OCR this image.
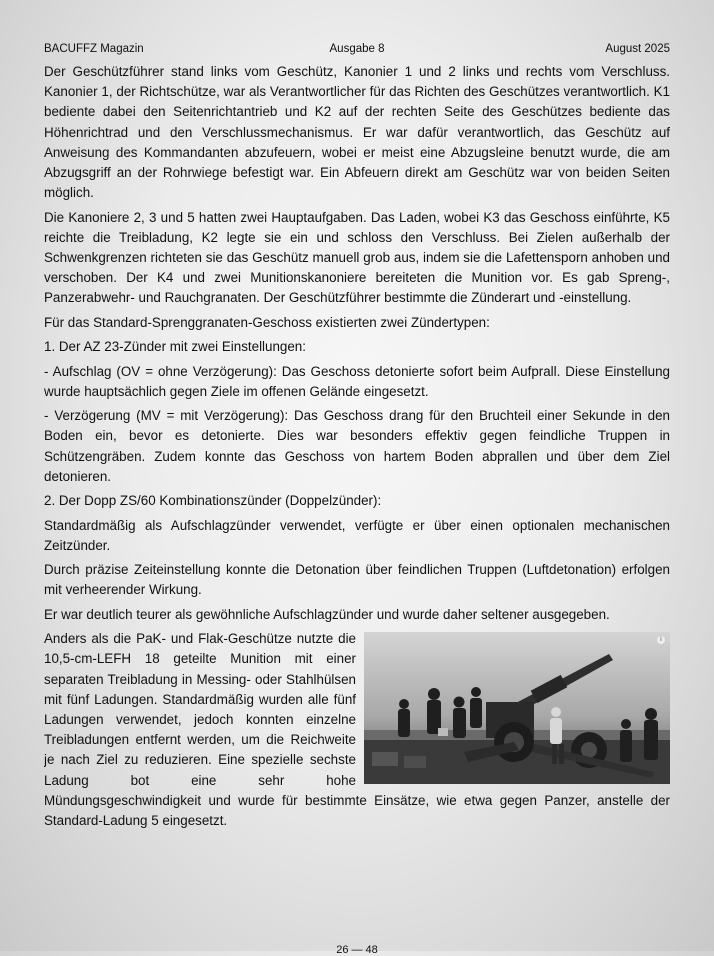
BACUFFZ Magazin	Ausgabe 8	August 2025

Der Geschützführer stand links vom Geschütz, Kanonier 1 und 2 links und rechts vom Verschluss. Kanonier 1, der Richtschütze, war als Verantwortlicher für das Richten des Geschützes verantwortlich. K1 bediente dabei den Seitenrichtantrieb und K2 auf der rechten Seite des Geschützes bediente das Höhenrichtrad und den Verschlussmechanismus. Er war dafür verantwortlich, das Geschütz auf Anweisung des Kommandanten abzufeuern, wobei er meist eine Abzugsleine benutzt wurde, die am Abzugsgriff an der Rohrwiege befestigt war. Ein Abfeuern direkt am Geschütz war von beiden Seiten möglich.

Die Kanoniere 2, 3 und 5 hatten zwei Hauptaufgaben. Das Laden, wobei K3 das Geschoss einführte, K5 reichte die Treibladung, K2 legte sie ein und schloss den Verschluss. Bei Zielen außerhalb der Schwenkgrenzen richteten sie das Geschütz manuell grob aus, indem sie die Lafettensporn anhoben und verschoben. Der K4 und zwei Munitionskanoniere bereiteten die Munition vor. Es gab Spreng-, Panzerabwehr- und Rauchgranaten. Der Geschützführer bestimmte die Zünderart und -einstellung.

Für das Standard-Sprenggranaten-Geschoss existierten zwei Zündertypen:

1. Der AZ 23-Zünder mit zwei Einstellungen:

- Aufschlag (OV = ohne Verzögerung): Das Geschoss detonierte sofort beim Aufprall. Diese Einstellung wurde hauptsächlich gegen Ziele im offenen Gelände eingesetzt.

- Verzögerung (MV = mit Verzögerung): Das Geschoss drang für den Bruchteil einer Sekunde in den Boden ein, bevor es detonierte. Dies war besonders effektiv gegen feindliche Truppen in Schützengräben. Zudem konnte das Geschoss von hartem Boden abprallen und über dem Ziel detonieren.

2. Der Dopp ZS/60 Kombinationszünder (Doppelzünder):

Standardmäßig als Aufschlagzünder verwendet, verfügte er über einen optionalen mechanischen Zeitzünder.

Durch präzise Zeiteinstellung konnte die Detonation über feindlichen Truppen (Luftdetonation) erfolgen mit verheerender Wirkung.

Er war deutlich teurer als gewöhnliche Aufschlagzünder und wurde daher seltener ausgegeben.

i

Anders als die PaK- und Flak-Geschütze nutzte die 10,5-cm-LEFH 18 geteilte Munition mit einer separaten Treibladung in Messing- oder Stahlhülsen mit fünf Ladungen. Standardmäßig wurden alle fünf Ladungen verwendet, jedoch konnten einzelne Treibladungen entfernt werden, um die Reichweite je nach Ziel zu reduzieren. Eine spezielle sechste Ladung bot eine sehr hohe Mündungsgeschwindigkeit und wurde für bestimmte Einsätze, wie etwa gegen Panzer, anstelle der Standard-Ladung 5 eingesetzt.

26 — 48
